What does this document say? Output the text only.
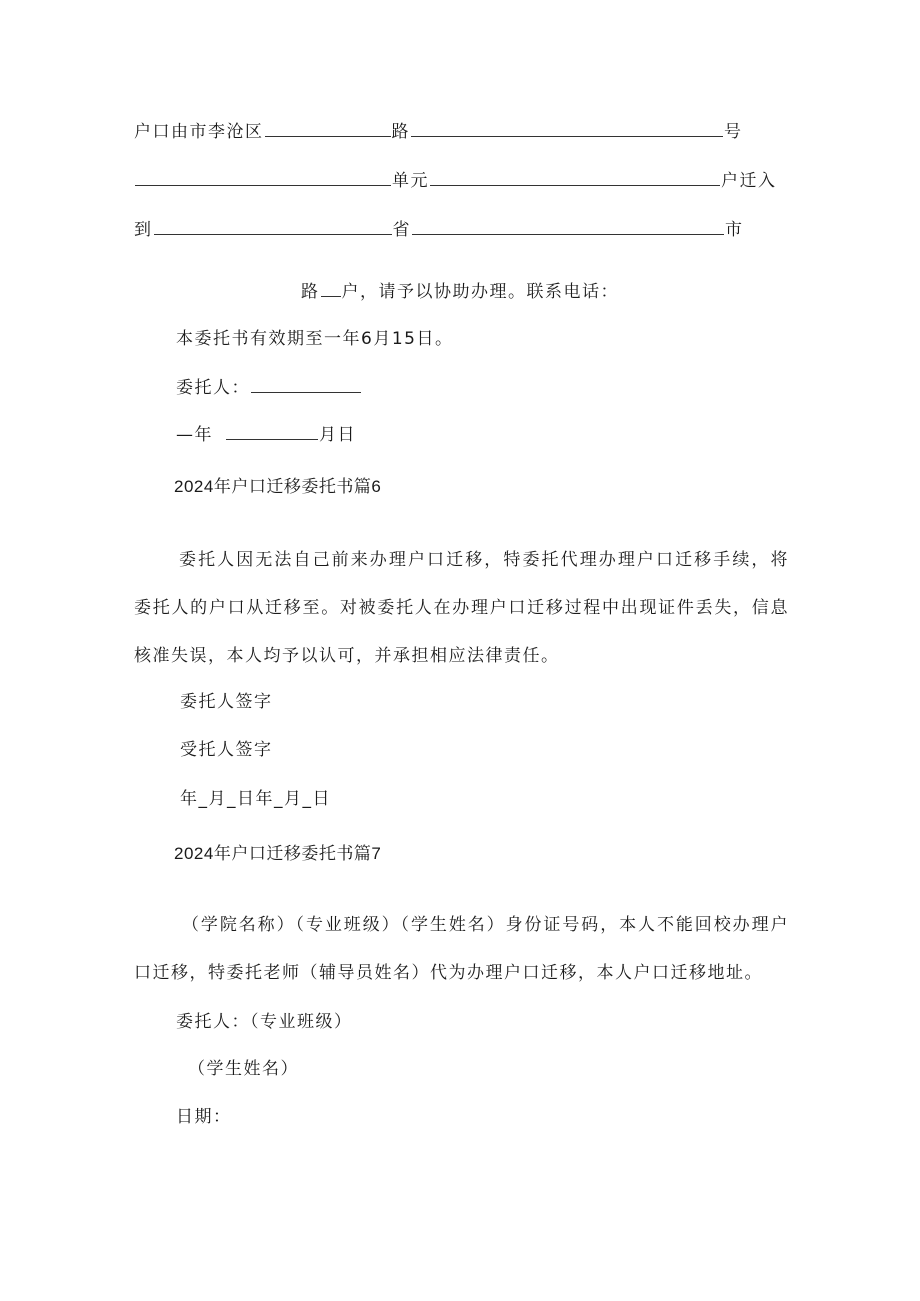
户口由市李沧区	路	号
单元	户迁入
到	省	市
路 户，请予以协助办理。联系电话：
本委托书有效期至一年6月15日。
委托人：
—年	月日
2024年户口迁移委托书篇6
委托人因无法自己前来办理户口迁移，特委托代理办理户口迁移手续，将委托人的户口从迁移至。对被委托人在办理户口迁移过程中出现证件丢失，信息核准失误，本人均予以认可，并承担相应法律责任。
委托人签字
受托人签字
年_月_日年_月_日
2024年户口迁移委托书篇7
（学院名称）（专业班级）（学生姓名）身份证号码，本人不能回校办理户口迁移，特委托老师（辅导员姓名）代为办理户口迁移，本人户口迁移地址。
委托人：（专业班级）
（学生姓名）
日期：
